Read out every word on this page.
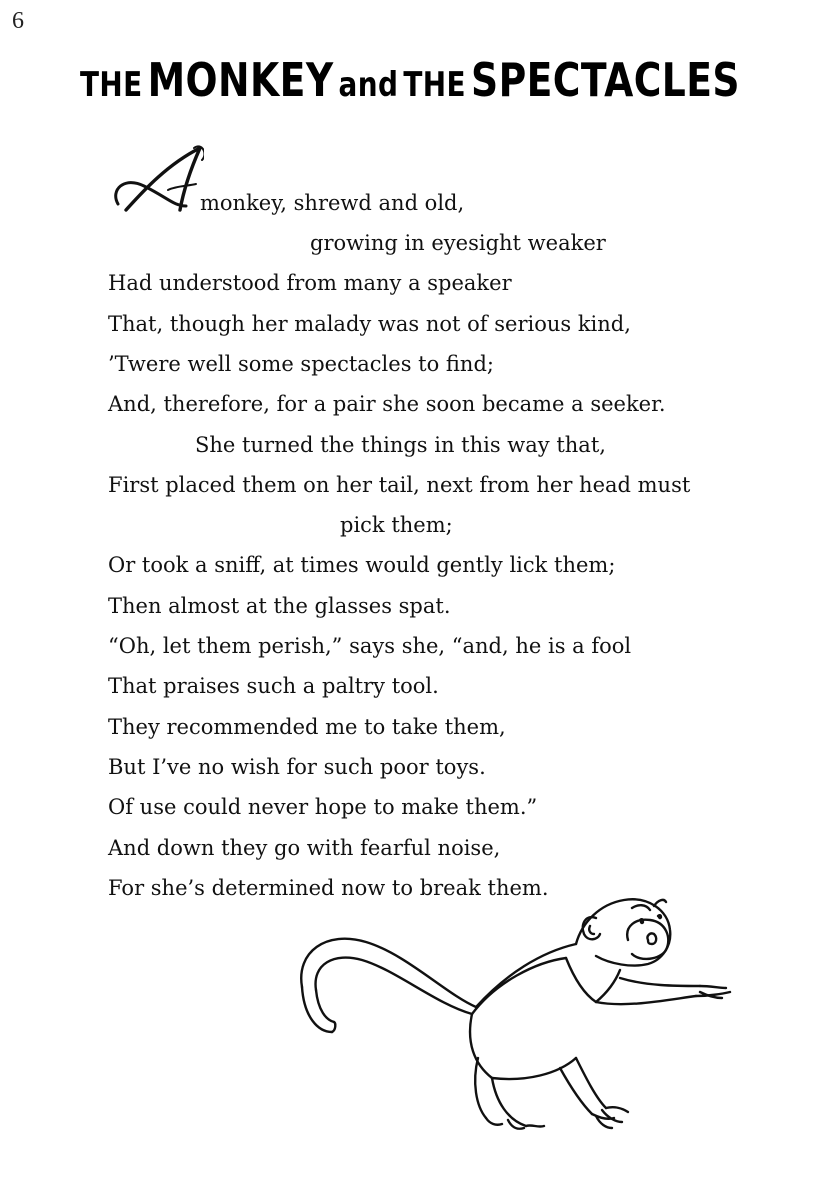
6
THE MONKEY and THE SPECTACLES
monkey, shrewd and old,
growing in eyesight weaker
Had understood from many a speaker
That, though her malady was not of serious kind,
’Twere well some spectacles to find;
And, therefore, for a pair she soon became a seeker.
She turned the things in this way that,
First placed them on her tail, next from her head must
pick them;
Or took a sniff, at times would gently lick them;
Then almost at the glasses spat.
“Oh, let them perish,” says she, “and, he is a fool
That praises such a paltry tool.
They recommended me to take them,
But I’ve no wish for such poor toys.
Of use could never hope to make them.”
And down they go with fearful noise,
For she’s determined now to break them.
